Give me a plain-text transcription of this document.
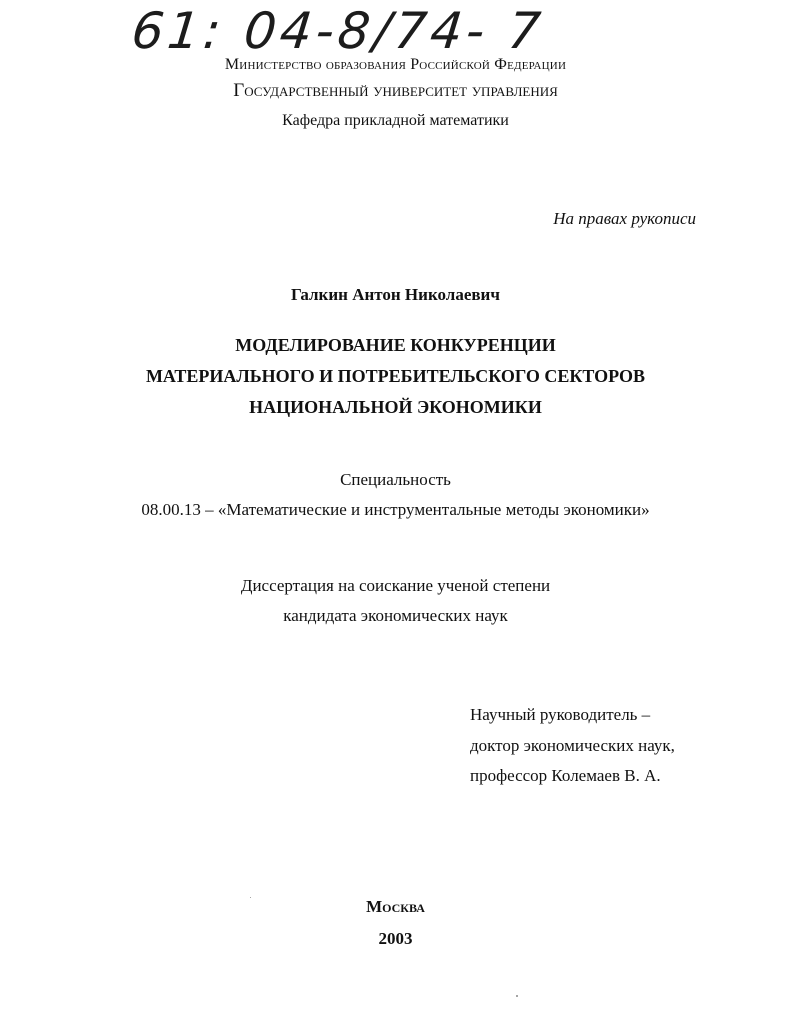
61: 04-8/74- 7
Министерство образования Российской Федерации
Государственный университет управления
Кафедра прикладной математики
На правах рукописи
Галкин Антон Николаевич
МОДЕЛИРОВАНИЕ КОНКУРЕНЦИИ
МАТЕРИАЛЬНОГО И ПОТРЕБИТЕЛЬСКОГО СЕКТОРОВ
НАЦИОНАЛЬНОЙ ЭКОНОМИКИ
Специальность
08.00.13 – «Математические и инструментальные методы экономики»
Диссертация на соискание ученой степени
кандидата экономических наук
Научный руководитель –
доктор экономических наук,
профессор Колемаев В. А.
Москва
2003
